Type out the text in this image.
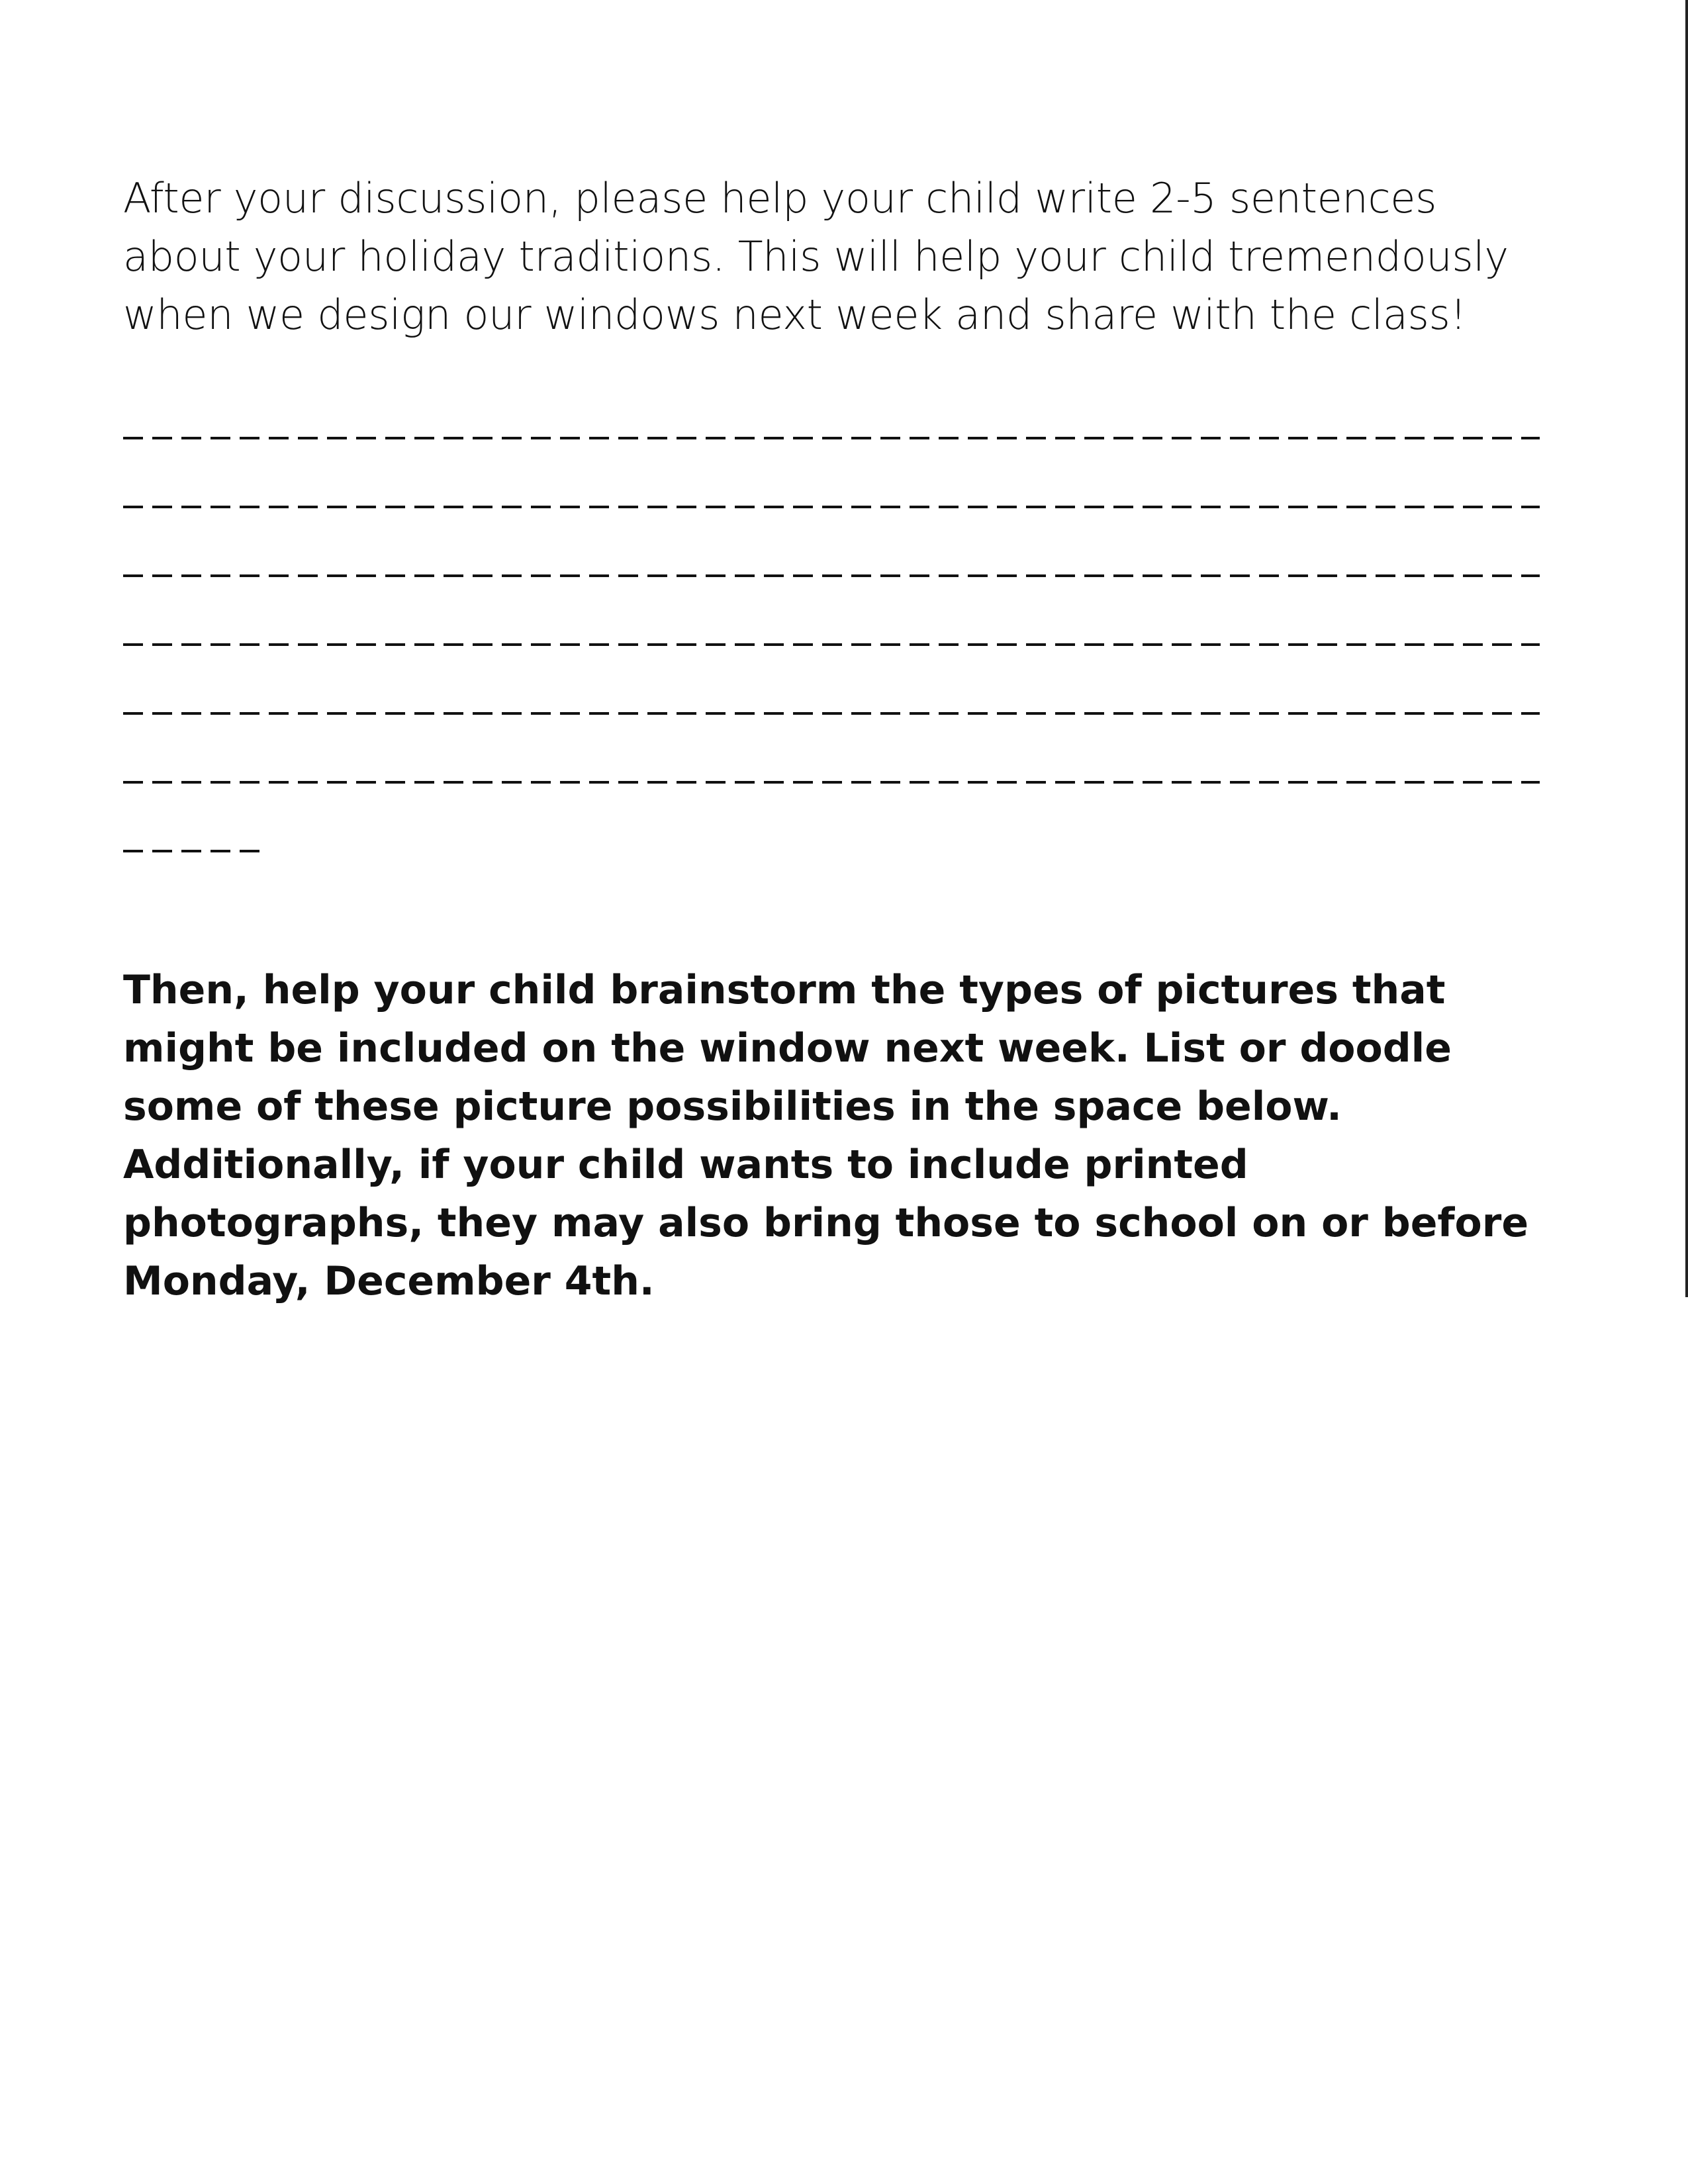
After your discussion, please help your child write 2-5 sentences about your holiday traditions. This will help your child tremendously when we design our windows next week and share with the class!

Then, help your child brainstorm the types of pictures that might be included on the window next week. List or doodle some of these picture possibilities in the space below. Additionally, if your child wants to include printed photographs, they may also bring those to school on or before Monday, December 4th.
